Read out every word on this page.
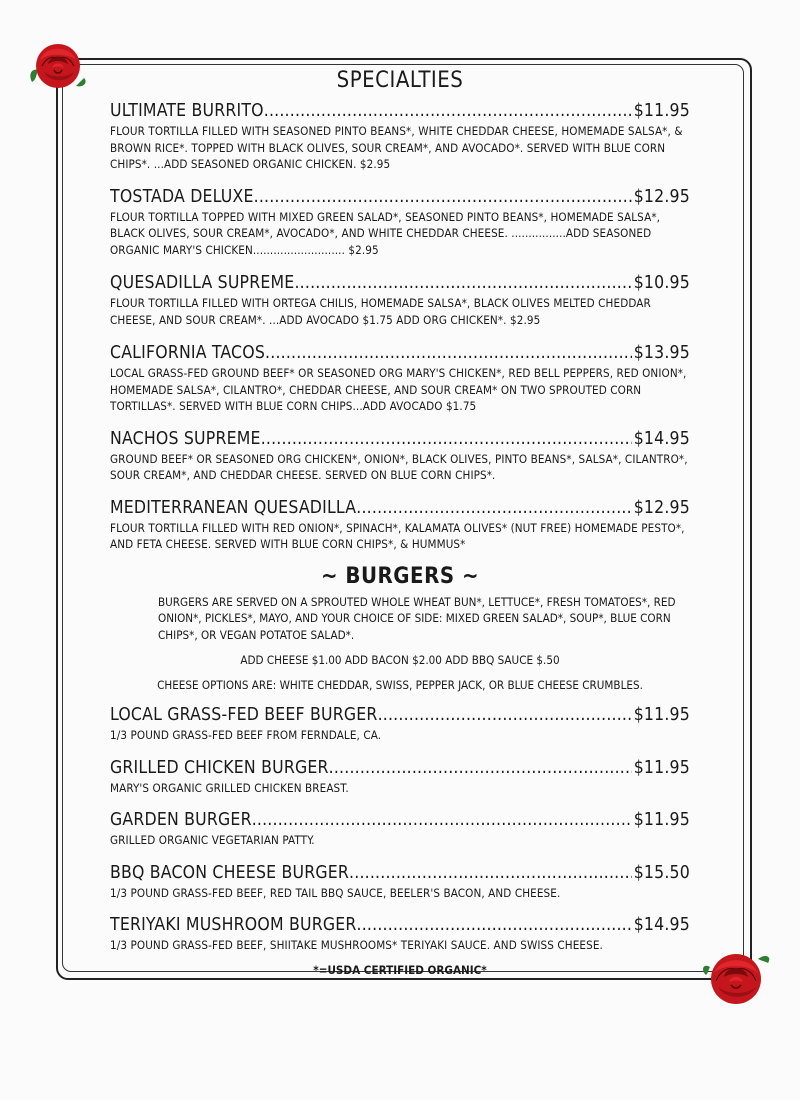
SPECIALTIES
ULTIMATE BURRITO .....	$11.95

FLOUR TORTILLA FILLED WITH SEASONED PINTO BEANS*, WHITE CHEDDAR CHEESE, HOMEMADE SALSA*, & BROWN RICE*. TOPPED WITH BLACK OLIVES, SOUR CREAM*, AND AVOCADO*. SERVED WITH BLUE CORN CHIPS*. ...ADD SEASONED ORGANIC CHICKEN. $2.95

TOSTADA DELUXE .....	$12.95

FLOUR TORTILLA TOPPED WITH MIXED GREEN SALAD*, SEASONED PINTO BEANS*, HOMEMADE SALSA*, BLACK OLIVES, SOUR CREAM*, AVOCADO*, AND WHITE CHEDDAR CHEESE. ................ADD SEASONED ORGANIC MARY'S CHICKEN........................... $2.95

QUESADILLA SUPREME .....	$10.95

FLOUR TORTILLA FILLED WITH ORTEGA CHILIS, HOMEMADE SALSA*, BLACK OLIVES MELTED CHEDDAR CHEESE, AND SOUR CREAM*. ...ADD AVOCADO $1.75 ADD ORG CHICKEN*. $2.95

CALIFORNIA TACOS .....	$13.95

LOCAL GRASS-FED GROUND BEEF* OR SEASONED ORG MARY'S CHICKEN*, RED BELL PEPPERS, RED ONION*, HOMEMADE SALSA*, CILANTRO*, CHEDDAR CHEESE, AND SOUR CREAM* ON TWO SPROUTED CORN TORTILLAS*. SERVED WITH BLUE CORN CHIPS...ADD AVOCADO $1.75

NACHOS SUPREME .....	$14.95

GROUND BEEF* OR SEASONED ORG CHICKEN*, ONION*, BLACK OLIVES, PINTO BEANS*, SALSA*, CILANTRO*, SOUR CREAM*, AND CHEDDAR CHEESE. SERVED ON BLUE CORN CHIPS*.

MEDITERRANEAN QUESADILLA .....	$12.95

FLOUR TORTILLA FILLED WITH RED ONION*, SPINACH*, KALAMATA OLIVES* (NUT FREE) HOMEMADE PESTO*, AND FETA CHEESE. SERVED WITH BLUE CORN CHIPS*, & HUMMUS*

~ BURGERS ~

BURGERS ARE SERVED ON A SPROUTED WHOLE WHEAT BUN*, LETTUCE*, FRESH TOMATOES*, RED ONION*, PICKLES*, MAYO, AND YOUR CHOICE OF SIDE: MIXED GREEN SALAD*, SOUP*, BLUE CORN CHIPS*, OR VEGAN POTATOE SALAD*.

ADD CHEESE $1.00 ADD BACON $2.00 ADD BBQ SAUCE $.50

CHEESE OPTIONS ARE: WHITE CHEDDAR, SWISS, PEPPER JACK, OR BLUE CHEESE CRUMBLES.

LOCAL GRASS-FED BEEF BURGER .....	$11.95

1/3 POUND GRASS-FED BEEF FROM FERNDALE, CA.

GRILLED CHICKEN BURGER .....	$11.95

MARY'S ORGANIC GRILLED CHICKEN BREAST.

GARDEN BURGER .....	$11.95

GRILLED ORGANIC VEGETARIAN PATTY.

BBQ BACON CHEESE BURGER .....	$15.50

1/3 POUND GRASS-FED BEEF, RED TAIL BBQ SAUCE, BEELER'S BACON, AND CHEESE.

TERIYAKI MUSHROOM BURGER .....	$14.95

1/3 POUND GRASS-FED BEEF, SHIITAKE MUSHROOMS* TERIYAKI SAUCE. AND SWISS CHEESE.

*=USDA CERTIFIED ORGANIC*
